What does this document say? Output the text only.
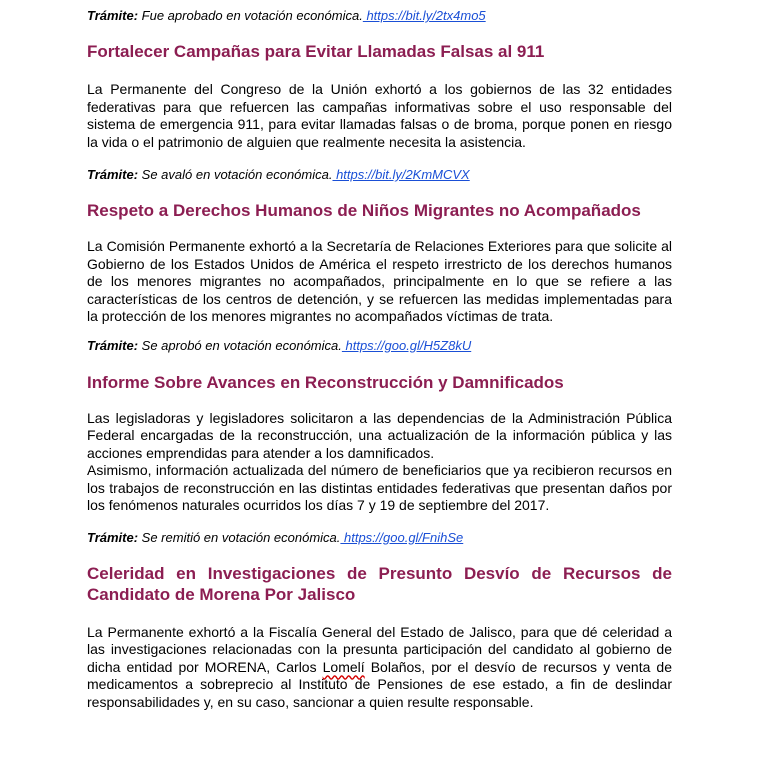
Trámite: Fue aprobado en votación económica. https://bit.ly/2tx4mo5

Fortalecer Campañas para Evitar Llamadas Falsas al 911

La Permanente del Congreso de la Unión exhortó a los gobiernos de las 32 entidades federativas para que refuercen las campañas informativas sobre el uso responsable del sistema de emergencia 911, para evitar llamadas falsas o de broma, porque ponen en riesgo la vida o el patrimonio de alguien que realmente necesita la asistencia.

Trámite: Se avaló en votación económica. https://bit.ly/2KmMCVX

Respeto a Derechos Humanos de Niños Migrantes no Acompañados

La Comisión Permanente exhortó a la Secretaría de Relaciones Exteriores para que solicite al Gobierno de los Estados Unidos de América el respeto irrestricto de los derechos humanos de los menores migrantes no acompañados, principalmente en lo que se refiere a las características de los centros de detención, y se refuercen las medidas implementadas para la protección de los menores migrantes no acompañados víctimas de trata.

Trámite: Se aprobó en votación económica. https://goo.gl/H5Z8kU

Informe Sobre Avances en Reconstrucción y Damnificados

Las legisladoras y legisladores solicitaron a las dependencias de la Administración Pública Federal encargadas de la reconstrucción, una actualización de la información pública y las acciones emprendidas para atender a los damnificados.

Asimismo, información actualizada del número de beneficiarios que ya recibieron recursos en los trabajos de reconstrucción en las distintas entidades federativas que presentan daños por los fenómenos naturales ocurridos los días 7 y 19 de septiembre del 2017.

Trámite: Se remitió en votación económica. https://goo.gl/FnihSe

Celeridad en Investigaciones de Presunto Desvío de Recursos de Candidato de Morena Por Jalisco

La Permanente exhortó a la Fiscalía General del Estado de Jalisco, para que dé celeridad a las investigaciones relacionadas con la presunta participación del candidato al gobierno de dicha entidad por MORENA, Carlos Lomelí Bolaños, por el desvío de recursos y venta de medicamentos a sobreprecio al Instituto de Pensiones de ese estado, a fin de deslindar responsabilidades y, en su caso, sancionar a quien resulte responsable.
